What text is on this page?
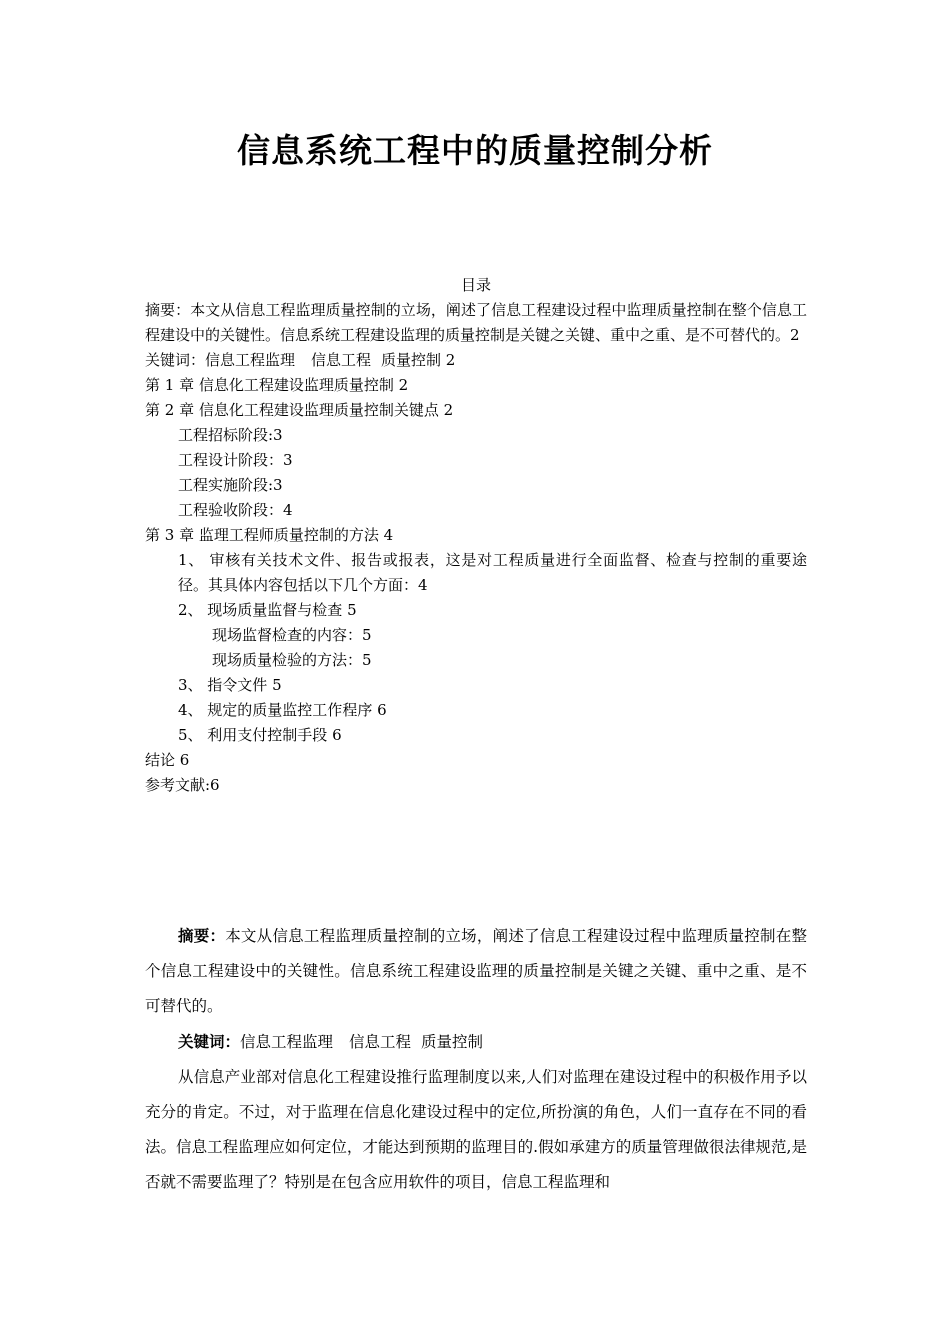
信息系统工程中的质量控制分析
目录
摘要：本文从信息工程监理质量控制的立场，阐述了信息工程建设过程中监理质量控制在整个信息工程建设中的关键性。信息系统工程建设监理的质量控制是关键之关键、重中之重、是不可替代的。2
关键词：信息工程监理 信息工程 质量控制 2
第 1 章 信息化工程建设监理质量控制 2
第 2 章 信息化工程建设监理质量控制关键点 2
工程招标阶段:3
工程设计阶段：3
工程实施阶段:3
工程验收阶段：4
第 3 章 监理工程师质量控制的方法 4
1、 审核有关技术文件、报告或报表，这是对工程质量进行全面监督、检查与控制的重要途径。其具体内容包括以下几个方面：4
2、 现场质量监督与检查 5
现场监督检查的内容：5
现场质量检验的方法：5
3、 指令文件 5
4、 规定的质量监控工作程序 6
5、 利用支付控制手段 6
结论 6
参考文献:6

摘要：本文从信息工程监理质量控制的立场，阐述了信息工程建设过程中监理质量控制在整个信息工程建设中的关键性。信息系统工程建设监理的质量控制是关键之关键、重中之重、是不可替代的。

关键词：信息工程监理 信息工程 质量控制

从信息产业部对信息化工程建设推行监理制度以来,人们对监理在建设过程中的积极作用予以充分的肯定。不过，对于监理在信息化建设过程中的定位,所扮演的角色，人们一直存在不同的看法。信息工程监理应如何定位，才能达到预期的监理目的.假如承建方的质量管理做很法律规范,是否就不需要监理了？特别是在包含应用软件的项目，信息工程监理和
